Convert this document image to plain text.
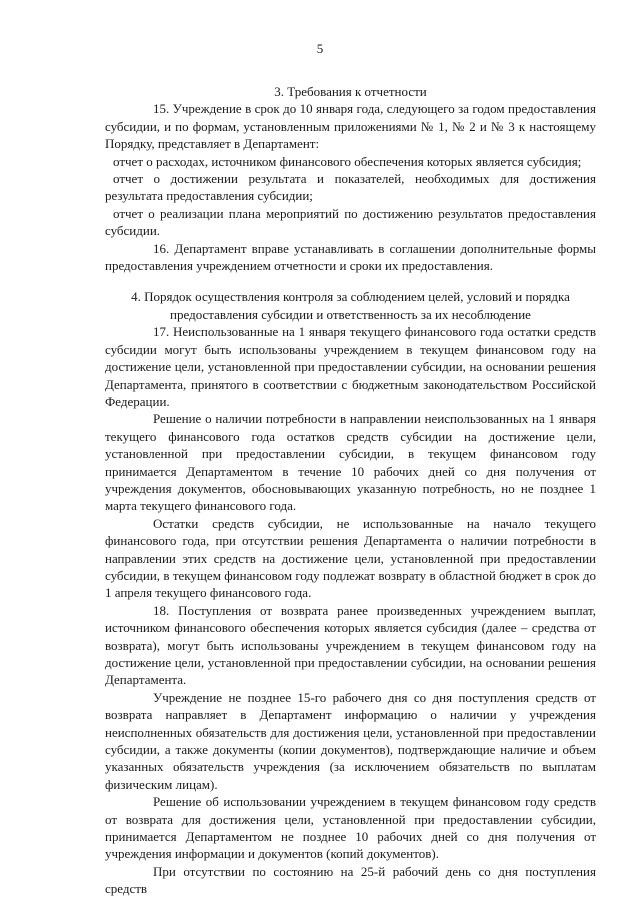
5

3. Требования к отчетности

15. Учреждение в срок до 10 января года, следующего за годом предоставления субсидии, и по формам, установленным приложениями № 1, № 2 и № 3 к настоящему Порядку, представляет в Департамент:

отчет о расходах, источником финансового обеспечения которых является субсидия;

отчет о достижении результата и показателей, необходимых для достижения результата предоставления субсидии;

отчет о реализации плана мероприятий по достижению результатов предоставления субсидии.

16. Департамент вправе устанавливать в соглашении дополнительные формы предоставления учреждением отчетности и сроки их предоставления.

4. Порядок осуществления контроля за соблюдением целей, условий и порядка

предоставления субсидии и ответственность за их несоблюдение

17. Неиспользованные на 1 января текущего финансового года остатки средств субсидии могут быть использованы учреждением в текущем финансовом году на достижение цели, установленной при предоставлении субсидии, на основании решения Департамента, принятого в соответствии с бюджетным законодательством Российской Федерации.

Решение о наличии потребности в направлении неиспользованных на 1 января текущего финансового года остатков средств субсидии на достижение цели, установленной при предоставлении субсидии, в текущем финансовом году принимается Департаментом в течение 10 рабочих дней со дня получения от учреждения документов, обосновывающих указанную потребность, но не позднее 1 марта текущего финансового года.

Остатки средств субсидии, не использованные на начало текущего финансового года, при отсутствии решения Департамента о наличии потребности в направлении этих средств на достижение цели, установленной при предоставлении субсидии, в текущем финансовом году подлежат возврату в областной бюджет в срок до 1 апреля текущего финансового года.

18. Поступления от возврата ранее произведенных учреждением выплат, источником финансового обеспечения которых является субсидия (далее – средства от возврата), могут быть использованы учреждением в текущем финансовом году на достижение цели, установленной при предоставлении субсидии, на основании решения Департамента.

Учреждение не позднее 15-го рабочего дня со дня поступления средств от возврата направляет в Департамент информацию о наличии у учреждения неисполненных обязательств для достижения цели, установленной при предоставлении субсидии, а также документы (копии документов), подтверждающие наличие и объем указанных обязательств учреждения (за исключением обязательств по выплатам физическим лицам).

Решение об использовании учреждением в текущем финансовом году средств от возврата для достижения цели, установленной при предоставлении субсидии, принимается Департаментом не позднее 10 рабочих дней со дня получения от учреждения информации и документов (копий документов).

При отсутствии по состоянию на 25-й рабочий день со дня поступления средств
